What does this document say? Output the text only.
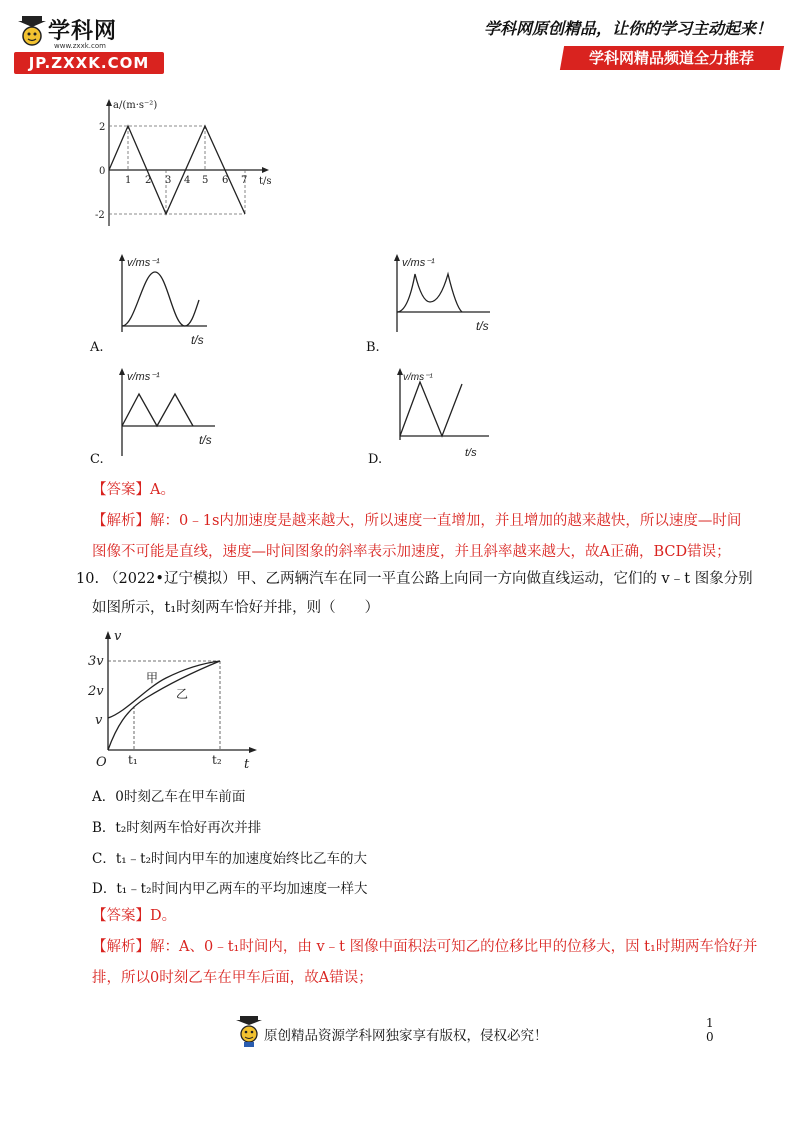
学科网
www.zxxk.com
JP.ZXXK.COM
学科网原创精品，让你的学习主动起来！
学科网精品频道全力推荐
a/(m·s⁻²)
t/s
2
0
-2
1 2 3 4 5 6 7
v/ms⁻¹
t/s
A.
v/ms⁻¹
t/s
B.
v/ms⁻¹
t/s
C.
v/ms⁻¹
t/s
D.
【答案】A。
【解析】解：0﹣1s内加速度是越来越大，所以速度一直增加，并且增加的越来越快，所以速度—时间
图像不可能是直线，速度—时间图象的斜率表示加速度，并且斜率越来越大，故A正确，BCD错误；
10. （2022•辽宁模拟）甲、乙两辆汽车在同一平直公路上向同一方向做直线运动，它们的 v﹣t 图象分别
如图所示，t₁时刻两车恰好并排，则（　　）
v
t
O
3v
2v
v
t₁	t₂
甲
乙
A．0时刻乙车在甲车前面
B．t₂时刻两车恰好再次并排
C．t₁﹣t₂时间内甲车的加速度始终比乙车的大
D．t₁﹣t₂时间内甲乙两车的平均加速度一样大
【答案】D。
【解析】解：A、0﹣t₁时间内，由 v﹣t 图像中面积法可知乙的位移比甲的位移大，因 t₁时期两车恰好并
排，所以0时刻乙车在甲车后面，故A错误；
原创精品资源学科网独家享有版权，侵权必究！
1
0
